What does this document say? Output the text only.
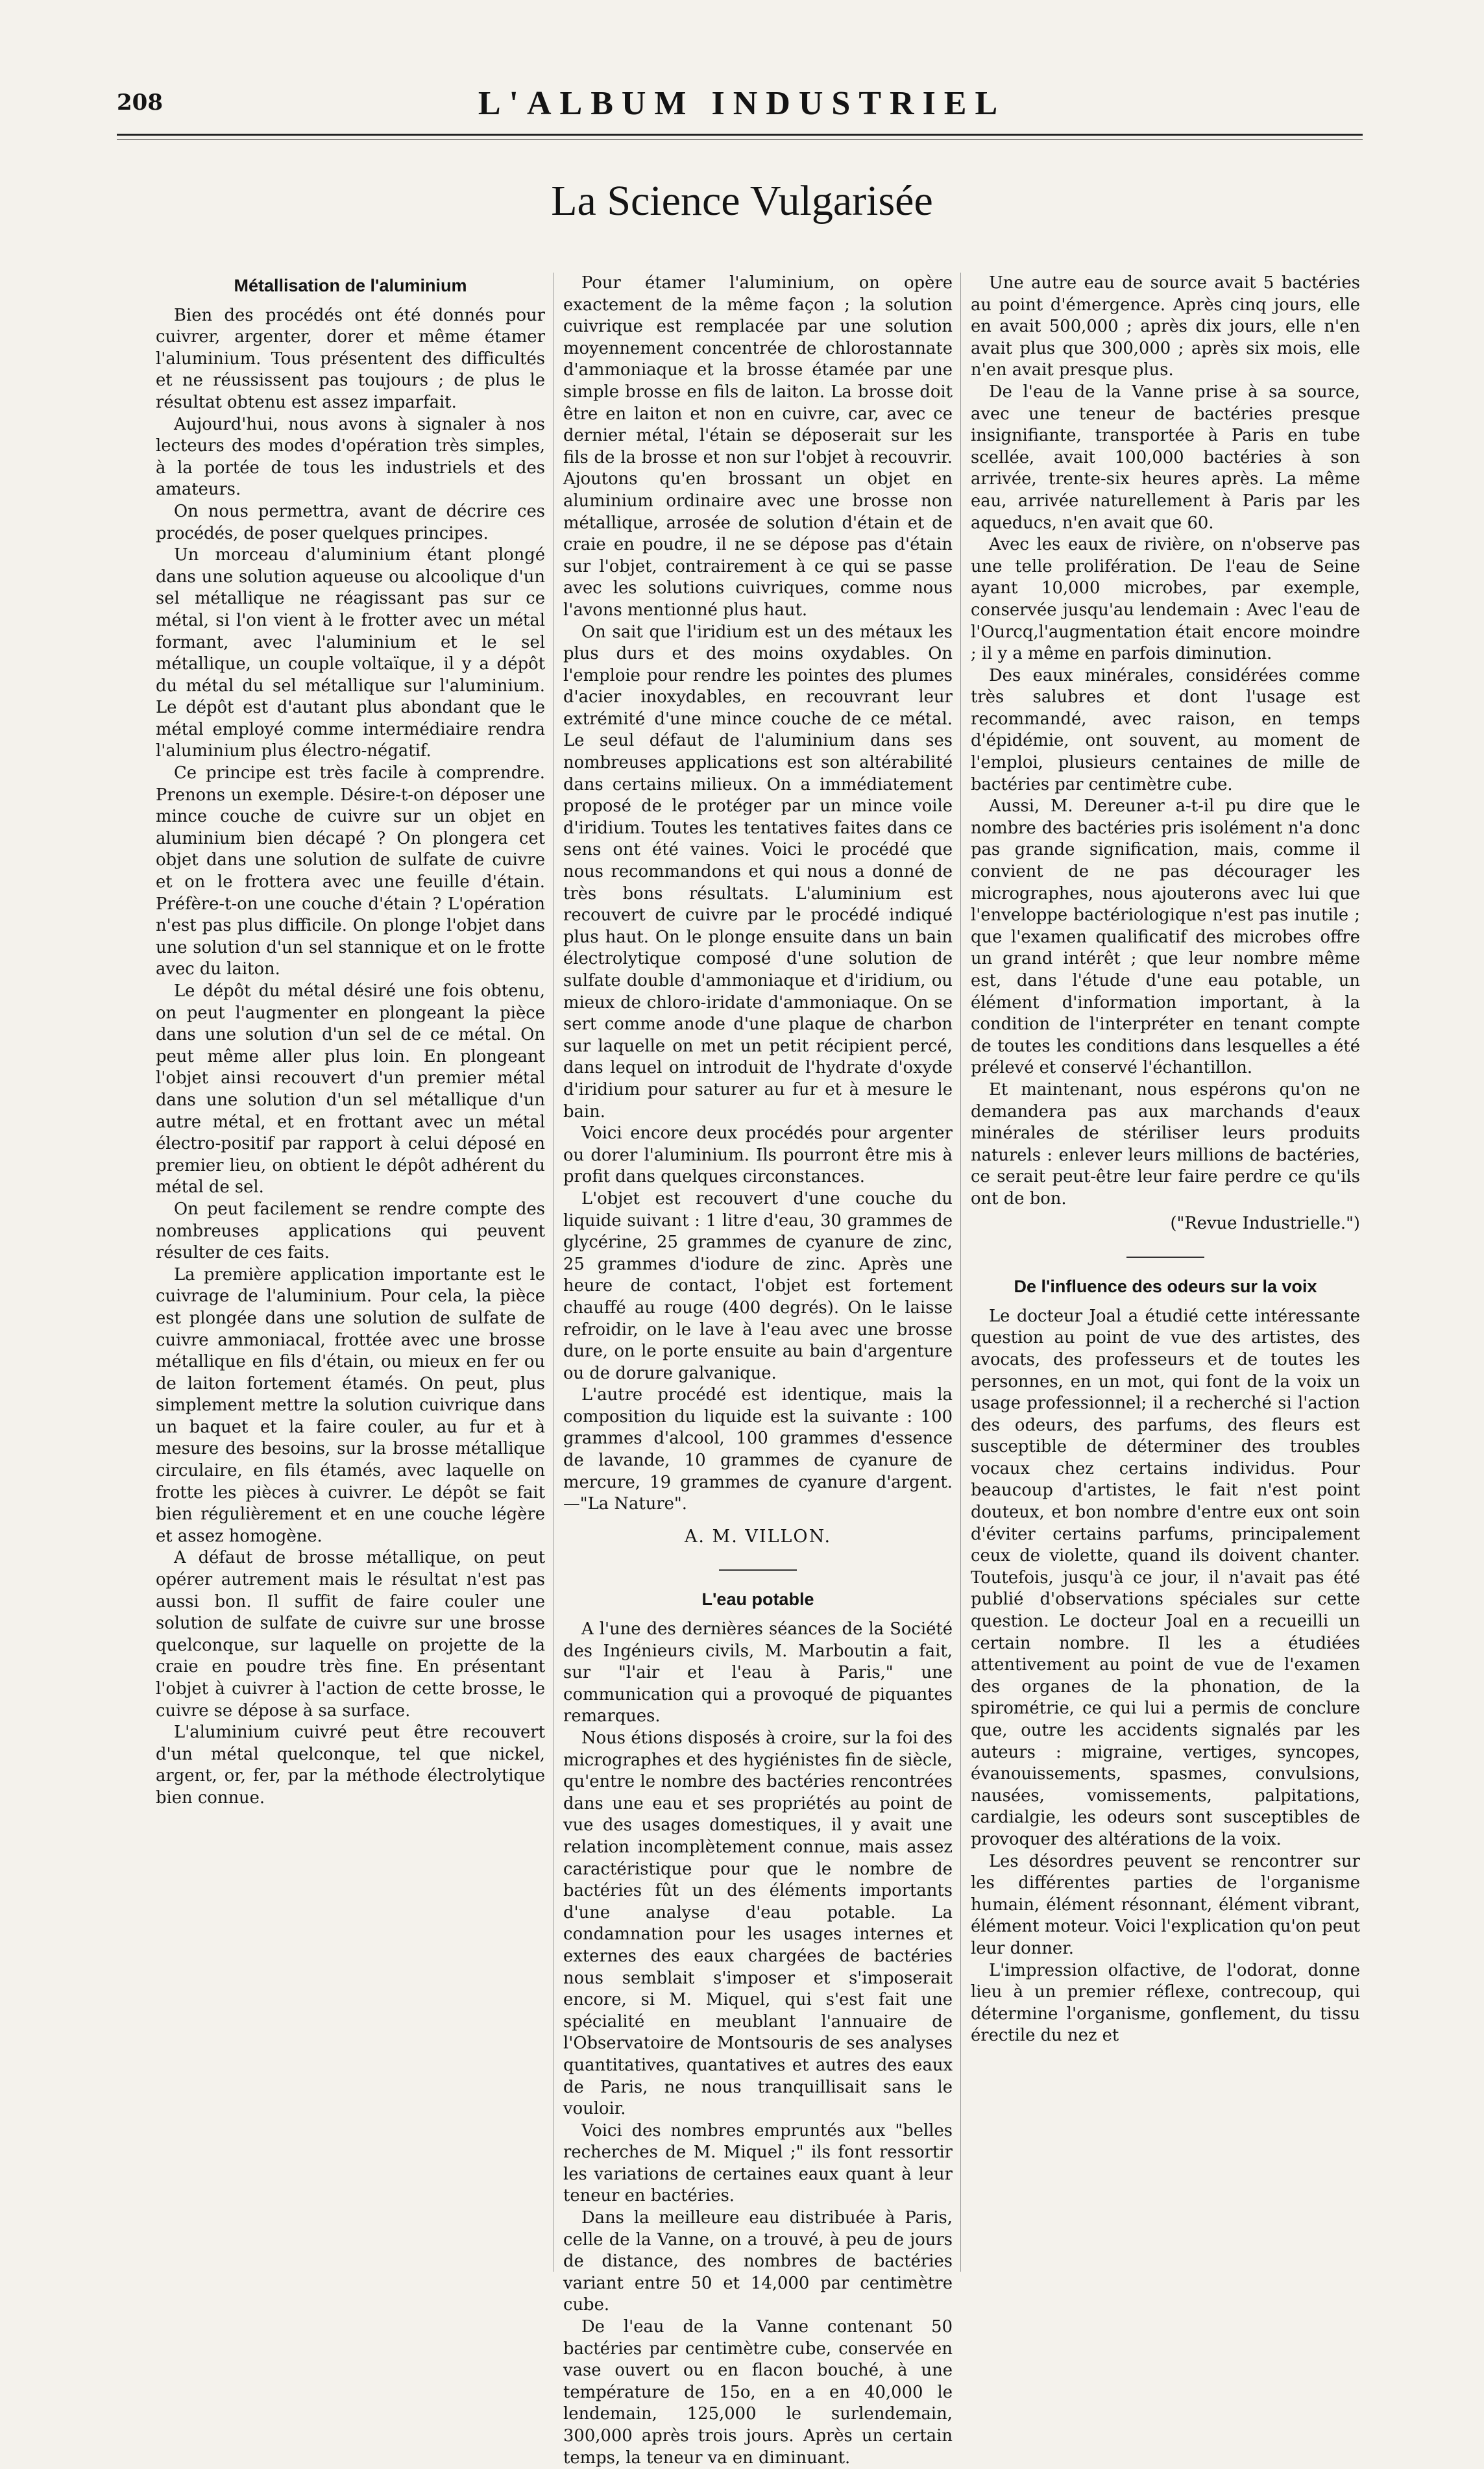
208	L'ALBUM INDUSTRIEL
La Science Vulgarisée
Métallisation de l'aluminium

Bien des procédés ont été donnés pour cuivrer, argenter, dorer et même étamer l'aluminium. Tous présentent des difficultés et ne réussissent pas toujours ; de plus le résultat obtenu est assez imparfait.

Aujourd'hui, nous avons à signaler à nos lecteurs des modes d'opération très simples, à la portée de tous les industriels et des amateurs.

On nous permettra, avant de décrire ces procédés, de poser quelques principes.

Un morceau d'aluminium étant plongé dans une solution aqueuse ou alcoolique d'un sel métallique ne réagissant pas sur ce métal, si l'on vient à le frotter avec un métal formant, avec l'aluminium et le sel métallique, un couple voltaïque, il y a dépôt du métal du sel métallique sur l'aluminium. Le dépôt est d'autant plus abondant que le métal employé comme intermédiaire rendra l'aluminium plus électro-négatif.

Ce principe est très facile à comprendre. Prenons un exemple. Désire-t-on déposer une mince couche de cuivre sur un objet en aluminium bien décapé ? On plongera cet objet dans une solution de sulfate de cuivre et on le frottera avec une feuille d'étain. Préfère-t-on une couche d'étain ? L'opération n'est pas plus difficile. On plonge l'objet dans une solution d'un sel stannique et on le frotte avec du laiton.

Le dépôt du métal désiré une fois obtenu, on peut l'augmenter en plongeant la pièce dans une solution d'un sel de ce métal. On peut même aller plus loin. En plongeant l'objet ainsi recouvert d'un premier métal dans une solution d'un sel métallique d'un autre métal, et en frottant avec un métal électro-positif par rapport à celui déposé en premier lieu, on obtient le dépôt adhérent du métal de sel.

On peut facilement se rendre compte des nombreuses applications qui peuvent résulter de ces faits.

La première application importante est le cuivrage de l'aluminium. Pour cela, la pièce est plongée dans une solution de sulfate de cuivre ammoniacal, frottée avec une brosse métallique en fils d'étain, ou mieux en fer ou de laiton fortement étamés. On peut, plus simplement mettre la solution cuivrique dans un baquet et la faire couler, au fur et à mesure des besoins, sur la brosse métallique circulaire, en fils étamés, avec laquelle on frotte les pièces à cuivrer. Le dépôt se fait bien régulièrement et en une couche légère et assez homogène.

A défaut de brosse métallique, on peut opérer autrement mais le résultat n'est pas aussi bon. Il suffit de faire couler une solution de sulfate de cuivre sur une brosse quelconque, sur laquelle on projette de la craie en poudre très fine. En présentant l'objet à cuivrer à l'action de cette brosse, le cuivre se dépose à sa surface.

L'aluminium cuivré peut être recouvert d'un métal quelconque, tel que nickel, argent, or, fer, par la méthode électrolytique bien connue.

Pour étamer l'aluminium, on opère exactement de la même façon ; la solution cuivrique est remplacée par une solution moyennement concentrée de chlorostannate d'ammoniaque et la brosse étamée par une simple brosse en fils de laiton. La brosse doit être en laiton et non en cuivre, car, avec ce dernier métal, l'étain se déposerait sur les fils de la brosse et non sur l'objet à recouvrir. Ajoutons qu'en brossant un objet en aluminium ordinaire avec une brosse non métallique, arrosée de solution d'étain et de craie en poudre, il ne se dépose pas d'étain sur l'objet, contrairement à ce qui se passe avec les solutions cuivriques, comme nous l'avons mentionné plus haut.

On sait que l'iridium est un des métaux les plus durs et des moins oxydables. On l'emploie pour rendre les pointes des plumes d'acier inoxydables, en recouvrant leur extrémité d'une mince couche de ce métal. Le seul défaut de l'aluminium dans ses nombreuses applications est son altérabilité dans certains milieux. On a immédiatement proposé de le protéger par un mince voile d'iridium. Toutes les tentatives faites dans ce sens ont été vaines. Voici le procédé que nous recommandons et qui nous a donné de très bons résultats. L'aluminium est recouvert de cuivre par le procédé indiqué plus haut. On le plonge ensuite dans un bain électrolytique composé d'une solution de sulfate double d'ammoniaque et d'iridium, ou mieux de chloro-iridate d'ammoniaque. On se sert comme anode d'une plaque de charbon sur laquelle on met un petit récipient percé, dans lequel on introduit de l'hydrate d'oxyde d'iridium pour saturer au fur et à mesure le bain.

Voici encore deux procédés pour argenter ou dorer l'aluminium. Ils pourront être mis à profit dans quelques circonstances.

L'objet est recouvert d'une couche du liquide suivant : 1 litre d'eau, 30 grammes de glycérine, 25 grammes de cyanure de zinc, 25 grammes d'iodure de zinc. Après une heure de contact, l'objet est fortement chauffé au rouge (400 degrés). On le laisse refroidir, on le lave à l'eau avec une brosse dure, on le porte ensuite au bain d'argenture ou de dorure galvanique.

L'autre procédé est identique, mais la composition du liquide est la suivante : 100 grammes d'alcool, 100 grammes d'essence de lavande, 10 grammes de cyanure de mercure, 19 grammes de cyanure d'argent.—"La Nature".

A. M. VILLON.
L'eau potable

A l'une des dernières séances de la Société des Ingénieurs civils, M. Marboutin a fait, sur "l'air et l'eau à Paris," une communication qui a provoqué de piquantes remarques.

Nous étions disposés à croire, sur la foi des micrographes et des hygiénistes fin de siècle, qu'entre le nombre des bactéries rencontrées dans une eau et ses propriétés au point de vue des usages domestiques, il y avait une relation incomplètement connue, mais assez caractéristique pour que le nombre de bactéries fût un des éléments importants d'une analyse d'eau potable. La condamnation pour les usages internes et externes des eaux chargées de bactéries nous semblait s'imposer et s'imposerait encore, si M. Miquel, qui s'est fait une spécialité en meublant l'annuaire de l'Observatoire de Montsouris de ses analyses quantitatives, quantatives et autres des eaux de Paris, ne nous tranquillisait sans le vouloir.

Voici des nombres empruntés aux "belles recherches de M. Miquel ;" ils font ressortir les variations de certaines eaux quant à leur teneur en bactéries.

Dans la meilleure eau distribuée à Paris, celle de la Vanne, on a trouvé, à peu de jours de distance, des nombres de bactéries variant entre 50 et 14,000 par centimètre cube.

De l'eau de la Vanne contenant 50 bactéries par centimètre cube, conservée en vase ouvert ou en flacon bouché, à une température de 15o, en a en 40,000 le lendemain, 125,000 le surlendemain, 300,000 après trois jours. Après un certain temps, la teneur va en diminuant.

Une autre eau de source avait 5 bactéries au point d'émergence. Après cinq jours, elle en avait 500,000 ; après dix jours, elle n'en avait plus que 300,000 ; après six mois, elle n'en avait presque plus.

De l'eau de la Vanne prise à sa source, avec une teneur de bactéries presque insignifiante, transportée à Paris en tube scellée, avait 100,000 bactéries à son arrivée, trente-six heures après. La même eau, arrivée naturellement à Paris par les aqueducs, n'en avait que 60.

Avec les eaux de rivière, on n'observe pas une telle prolifération. De l'eau de Seine ayant 10,000 microbes, par exemple, conservée jusqu'au lendemain : Avec l'eau de l'Ourcq,l'augmentation était encore moindre ; il y a même en parfois diminution.

Des eaux minérales, considérées comme très salubres et dont l'usage est recommandé, avec raison, en temps d'épidémie, ont souvent, au moment de l'emploi, plusieurs centaines de mille de bactéries par centimètre cube.

Aussi, M. Dereuner a-t-il pu dire que le nombre des bactéries pris isolément n'a donc pas grande signification, mais, comme il convient de ne pas décourager les micrographes, nous ajouterons avec lui que l'enveloppe bactériologique n'est pas inutile ; que l'examen qualificatif des microbes offre un grand intérêt ; que leur nombre même est, dans l'étude d'une eau potable, un élément d'information important, à la condition de l'interpréter en tenant compte de toutes les conditions dans lesquelles a été prélevé et conservé l'échantillon.

Et maintenant, nous espérons qu'on ne demandera pas aux marchands d'eaux minérales de stériliser leurs produits naturels : enlever leurs millions de bactéries, ce serait peut-être leur faire perdre ce qu'ils ont de bon.

("Revue Industrielle.")
De l'influence des odeurs sur la voix

Le docteur Joal a étudié cette intéressante question au point de vue des artistes, des avocats, des professeurs et de toutes les personnes, en un mot, qui font de la voix un usage professionnel; il a recherché si l'action des odeurs, des parfums, des fleurs est susceptible de déterminer des troubles vocaux chez certains individus. Pour beaucoup d'artistes, le fait n'est point douteux, et bon nombre d'entre eux ont soin d'éviter certains parfums, principalement ceux de violette, quand ils doivent chanter. Toutefois, jusqu'à ce jour, il n'avait pas été publié d'observations spéciales sur cette question. Le docteur Joal en a recueilli un certain nombre. Il les a étudiées attentivement au point de vue de l'examen des organes de la phonation, de la spirométrie, ce qui lui a permis de conclure que, outre les accidents signalés par les auteurs : migraine, vertiges, syncopes, évanouissements, spasmes, convulsions, nausées, vomissements, palpitations, cardialgie, les odeurs sont susceptibles de provoquer des altérations de la voix.

Les désordres peuvent se rencontrer sur les différentes parties de l'organisme humain, élément résonnant, élément vibrant, élément moteur. Voici l'explication qu'on peut leur donner.

L'impression olfactive, de l'odorat, donne lieu à un premier réflexe, contrecoup, qui détermine l'organisme, gonflement, du tissu érectile du nez et
